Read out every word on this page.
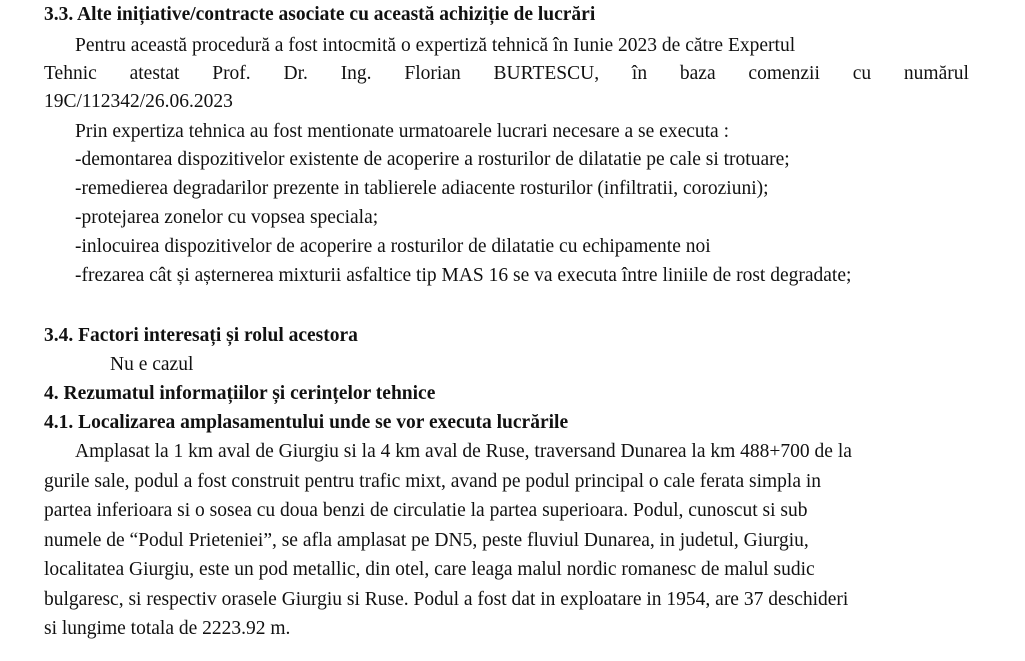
3.3. Alte inițiative/contracte asociate cu această achiziție de lucrări
Pentru această procedură a fost intocmită o expertiză tehnică în Iunie 2023 de către Expertul
Tehnic atestat Prof. Dr. Ing. Florian BURTESCU, în baza comenzii cu numărul
19C/112342/26.06.2023
Prin expertiza tehnica au fost mentionate urmatoarele lucrari necesare a se executa :
-demontarea dispozitivelor existente de acoperire a rosturilor de dilatatie pe cale si trotuare;
-remedierea degradarilor prezente in tablierele adiacente rosturilor (infiltratii, coroziuni);
-protejarea zonelor cu vopsea speciala;
-inlocuirea dispozitivelor de acoperire a rosturilor de dilatatie cu echipamente noi
-frezarea cât și așternerea mixturii asfaltice tip MAS 16 se va executa între liniile de rost degradate;
3.4. Factori interesați și rolul acestora
Nu e cazul
4. Rezumatul informațiilor și cerințelor tehnice
4.1. Localizarea amplasamentului unde se vor executa lucrările
Amplasat la 1 km aval de Giurgiu si la 4 km aval de Ruse, traversand Dunarea la km 488+700 de la
gurile sale, podul a fost construit pentru trafic mixt, avand pe podul principal o cale ferata simpla in
partea inferioara si o sosea cu doua benzi de circulatie la partea superioara. Podul, cunoscut si sub
numele de “Podul Prieteniei”, se afla amplasat pe DN5, peste fluviul Dunarea, in judetul, Giurgiu,
localitatea Giurgiu, este un pod metallic, din otel, care leaga malul nordic romanesc de malul sudic
bulgaresc, si respectiv orasele Giurgiu si Ruse. Podul a fost dat in exploatare in 1954, are 37 deschideri
si lungime totala de 2223.92 m.
